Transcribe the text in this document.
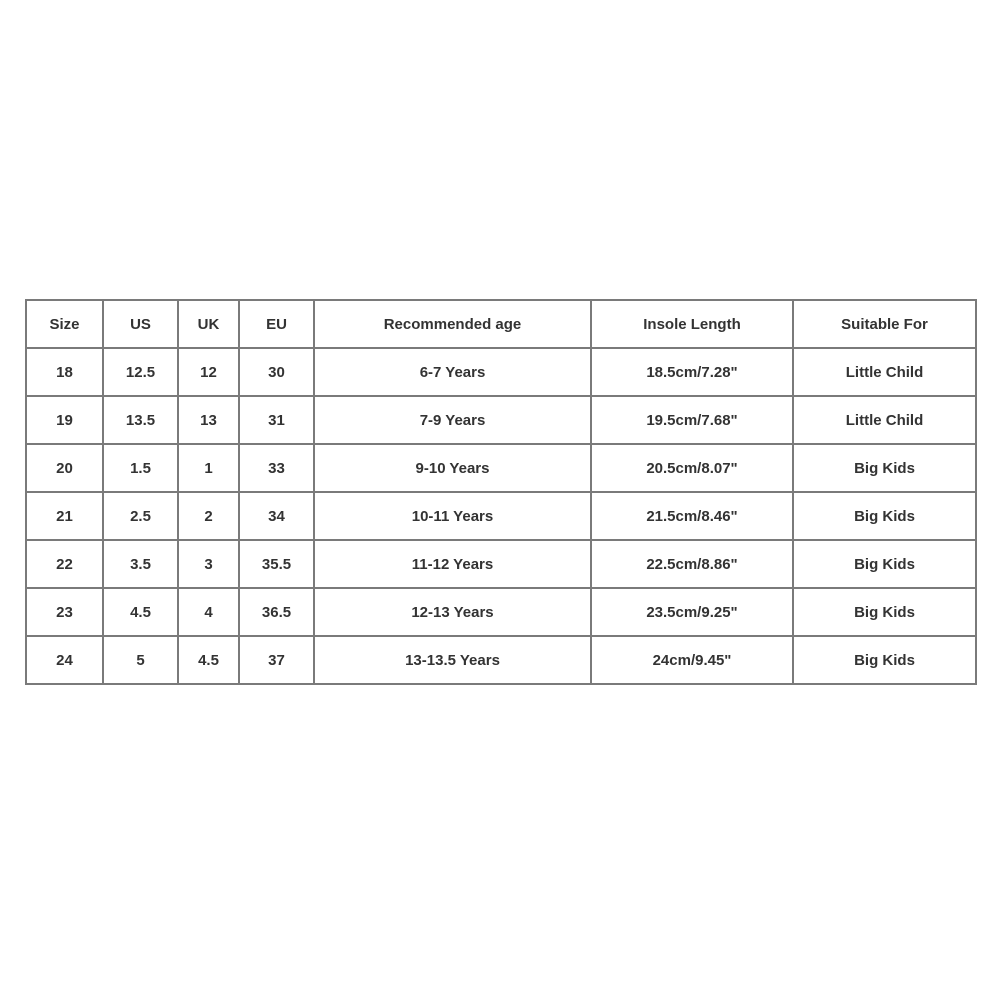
Size	US	UK	EU	Recommended age	Insole Length	Suitable For
18	12.5	12	30	6-7 Years	18.5cm/7.28"	Little Child
19	13.5	13	31	7-9 Years	19.5cm/7.68"	Little Child
20	1.5	1	33	9-10 Years	20.5cm/8.07"	Big Kids
21	2.5	2	34	10-11 Years	21.5cm/8.46"	Big Kids
22	3.5	3	35.5	11-12 Years	22.5cm/8.86"	Big Kids
23	4.5	4	36.5	12-13 Years	23.5cm/9.25"	Big Kids
24	5	4.5	37	13-13.5 Years	24cm/9.45"	Big Kids
